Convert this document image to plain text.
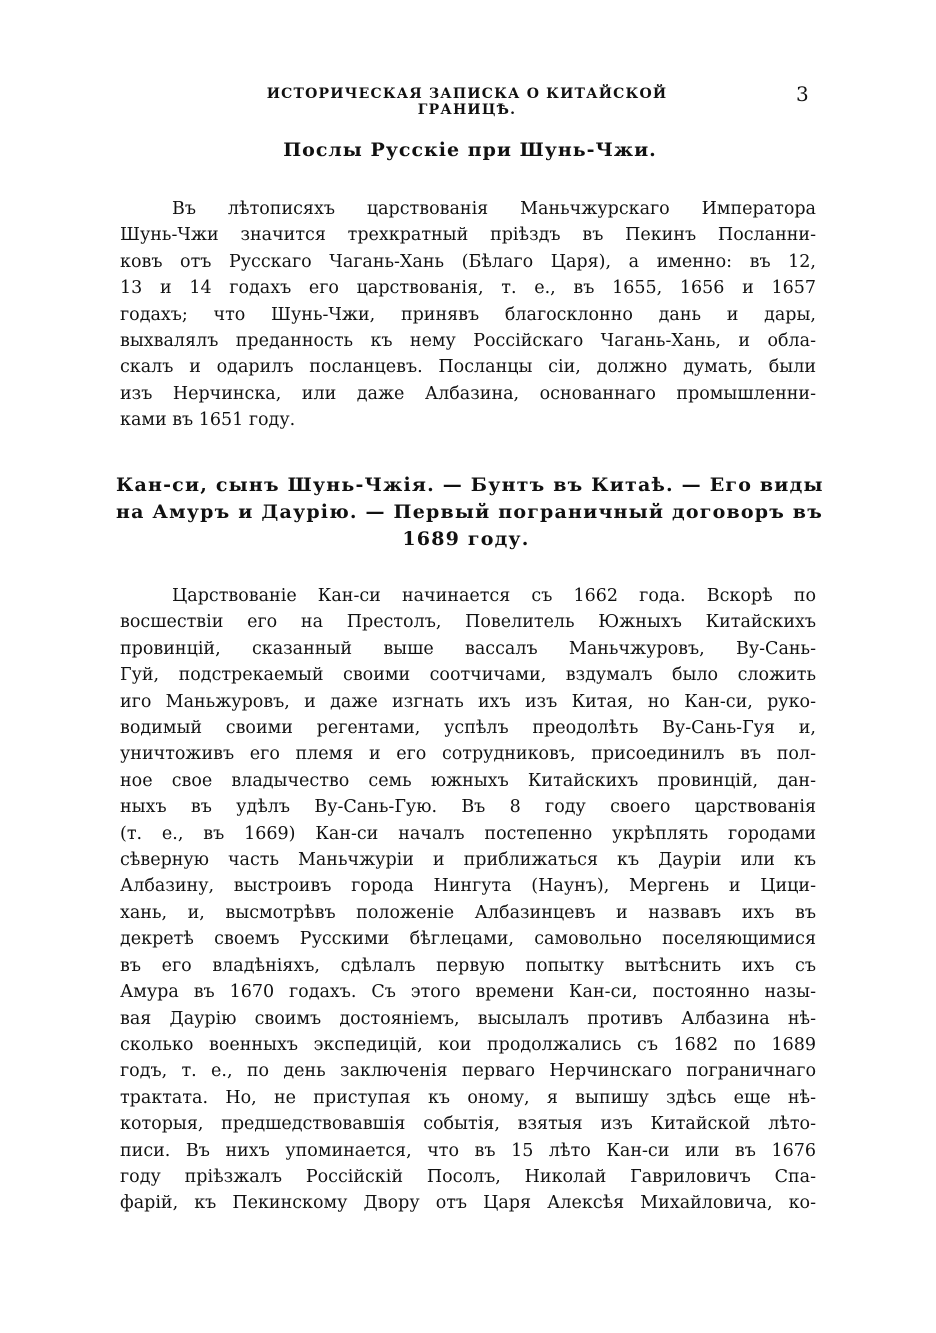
ИСТОРИЧЕСКАЯ ЗАПИСКА О КИТАЙСКОЙ ГРАНИЦѢ.
3
Послы Русскіе при Шунь-Чжи.
Въ лѣтописяхъ царствованія Маньчжурскаго Императора
Шунь-Чжи значится трехкратный пріѣздъ въ Пекинъ Посланни-
ковъ отъ Русскаго Чагань-Хань (Бѣлаго Царя), а именно: въ 12,
13 и 14 годахъ его царствованія, т. е., въ 1655, 1656 и 1657
годахъ; что Шунь-Чжи, принявъ благосклонно дань и дары,
выхвалялъ преданность къ нему Россійскаго Чагань-Хань, и обла-
скалъ и одарилъ посланцевъ. Посланцы сіи, должно думать, были
изъ Нерчинска, или даже Албазина, основаннаго промышленни-
ками въ 1651 году.
Кан-си, сынъ Шунь-Чжія. — Бунтъ въ Китаѣ. — Его виды
на Амуръ и Даурію. — Первый пограничный договоръ въ
1689 году.
Царствованіе Кан-си начинается съ 1662 года. Вскорѣ по
восшествіи его на Престолъ, Повелитель Южныхъ Китайскихъ
провинцій, сказанный выше вассалъ Маньчжуровъ, Ву-Сань-
Гуй, подстрекаемый своими соотчичами, вздумалъ было сложить
иго Маньжуровъ, и даже изгнать ихъ изъ Китая, но Кан-си, руко-
водимый своими регентами, успѣлъ преодолѣть Ву-Сань-Гуя и,
уничтоживъ его племя и его сотрудниковъ, присоединилъ въ пол-
ное свое владычество семь южныхъ Китайскихъ провинцій, дан-
ныхъ въ удѣлъ Ву-Сань-Гую. Въ 8 году своего царствованія
(т. е., въ 1669) Кан-си началъ постепенно укрѣплять городами
сѣверную часть Маньчжуріи и приближаться къ Дауріи или къ
Албазину, выстроивъ города Нингута (Наунъ), Мергень и Цици-
хань, и, высмотрѣвъ положеніе Албазинцевъ и назвавъ ихъ въ
декретѣ своемъ Русскими бѣглецами, самовольно поселяющимися
въ его владѣніяхъ, сдѣлалъ первую попытку вытѣснить ихъ съ
Амура въ 1670 годахъ. Съ этого времени Кан-си, постоянно назы-
вая Даурію своимъ достояніемъ, высылалъ противъ Албазина нѣ-
сколько военныхъ экспедицій, кои продолжались съ 1682 по 1689
годъ, т. е., по день заключенія перваго Нерчинскаго пограничнаго
трактата. Но, не приступая къ оному, я выпишу здѣсь еще нѣ-
которыя, предшедствовавшія событія, взятыя изъ Китайской лѣто-
писи. Въ нихъ упоминается, что въ 15 лѣто Кан-си или въ 1676
году пріѣзжалъ Россійскій Посолъ, Николай Гавриловичъ Спа-
фарій, къ Пекинскому Двору отъ Царя Алексѣя Михайловича, ко-
